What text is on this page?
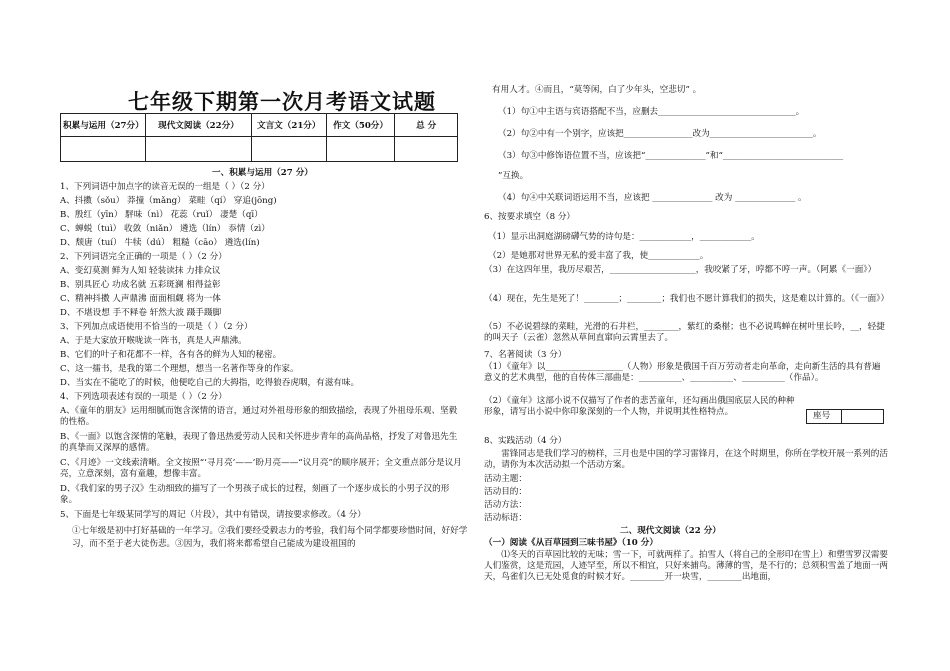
七年级下期第一次月考语文试题
积累与运用（27分）	现代文阅读（22分）	文言文（21分）	作文（50分）	总 分

一、积累与运用（27 分）
1、下列词语中加点字的读音无误的一组是（ ）（2 分）
A、抖擞（sǒu） 莽撞（mǎng） 菜畦（qí） 穿追(jōng)
B、殷红（yīn） 駍味（nì） 花蕊（ruǐ） 凄楚（qī）
C、蝉蜕（tuì） 收敛（niǎn） 遴选（lín） 忝情（zì）
D、颓唐（tuí） 牛犊（dú） 粗糙（cāo） 遴选(lín)
2、下列词语完全正确的一项是（ ）（2 分）
A、变幻莫测 鲜为人知 轻装读抹 力排众议
B、别具匠心 功成名就 五彩斑澜 相得益彰
C、精神抖擞 人声鼎沸 面面相觑 将为一体
D、不堪设想 手不释卷 轩然大波 蹑手蹑脚
3、下列加点成语使用不恰当的一项是（ ）（2 分）
A、于是大家放开喉咙读一阵书，真是人声鼎沸。
B、它们的叶子和花都不一样，各有各的鲜为人知的秘密。
C、这一擂书，是我的第二个理想，想当一名著作等身的作家。
D、当实在不能吃了的时候，他便吃自己的大拇指，吃得狼吞虎咽，有滋有味。
4、下列选项表述有误的一项是（ ）（2 分）
A、《童年的朋友》运用细腻而饱含深情的语言，通过对外祖母形象的细致描绘，表现了外祖母乐观、坚毅的性格。
B、《一面》以饱含深情的笔触，表现了鲁迅热爱劳动人民和关怀进步青年的高尚品格，抒发了对鲁迅先生的真挚而又深厚的感情。
C、《月迹》一文线索清晰。全文按照“‘寻月亮’——’盼月亮——“议月亮”的顺序展开；全文重点部分是议月亮，立意深刻，富有童趣，想像丰富。
D、《我们家的男子汉》生动细致的描写了一个男孩子成长的过程，刻画了一个逐步成长的小男子汉的形象。
5、下面是七年级某同学写的周记（片段），其中有错误，请按要求修改。（4 分）
①七年级是初中打好基础的一年学习。②我们要经受毅志力的考验，我们每个同学都要珍惜时间，好好学习，而不至于老大徒伤悲。③因为，我们将来都希望自己能成为建设祖国的
有用人才。④而且，“莫等闲，白了少年头，空悲切” 。
（1）句①中主语与宾语搭配不当，应删去________________________________。
（2）句②中有一个别字，应该把________________改为________________________。
（3）句③中修饰语位置不当，应该把“______________”和“____________________________
”互换。
（4）句④中关联词语运用不当，应该把 ______________ 改为 ______________ 。
6、按要求填空（8 分）
（1）显示出洞庭湖磅礴气势的诗句是：____________，____________。
（2）是她那对世界无私的爱丰富了我，使____________。
（3）在这四年里，我历尽艰苦，____________________，我咬紧了牙，哼都不哼一声。（阿累《一面》）
（4）现在，先生是死了！________；________；我们也不愿计算我们的损失，这是难以计算的。（《一面》）
（5）不必说碧绿的菜畦，光滑的石井栏，________，紫红的桑椹；也不必说鸣蝉在树叶里长吟，__，轻捷的叫天子（云雀）忽然从草间直窜向云霄里去了。
7、名著阅读（3 分）
（1）《童年》以__________________（人物）形象是俄国千百万劳动者走向革命，走向新生活的具有普遍意义的艺术典型，他的自传体三部曲是：__________、__________、__________（作品）。
（2）《童年》这部小说不仅描写了作者的悲苦童年，还勾画出俄国底层人民的种种形象，请写出小说中你印象深刻的一个人物，并说明其性格特点。	座号
8、实践活动（4 分）
雷锋同志是我们学习的榜样，三月也是中国的学习雷锋月，在这个时期里，你所在学校开展一系列的活动，请你为本次活动拟一个活动方案。
活动主题：
活动目的：
活动方法：
活动标语：
二、现代文阅读（22 分）
（一）阅读《从百草园到三味书屋》（10 分）
⑴冬天的百草园比较的无味；雪一下，可就两样了。拍雪人（将自己的全形印在雪上）和塑雪罗汉需要人们鉴赏，这是荒园，人迹罕至，所以不相宜，只好来捕鸟。薄薄的雪，是不行的；总须积雪盖了地面一两天，鸟雀们久已无处觅食的时候才好。________开一块雪，________出地面，
